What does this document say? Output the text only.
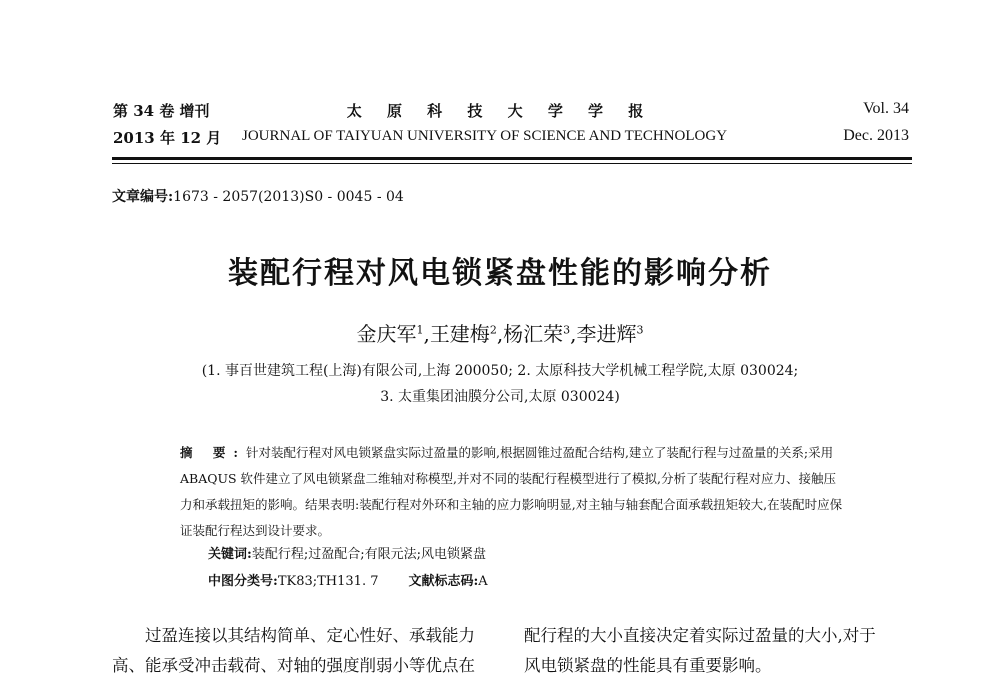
第 34 卷 增刊
2013 年 12 月
太 原 科 技 大 学 学 报
JOURNAL OF TAIYUAN UNIVERSITY OF SCIENCE AND TECHNOLOGY
Vol. 34
Dec. 2013
文章编号:1673 - 2057(2013)S0 - 0045 - 04
装配行程对风电锁紧盘性能的影响分析
金庆军$^1$,王建梅$^2$,杨汇荣$^3$,李进辉$^3$
(1. 事百世建筑工程(上海)有限公司,上海 200050; 2. 太原科技大学机械工程学院,太原 030024;
3. 太重集团油膜分公司,太原 030024)
摘 要:针对装配行程对风电锁紧盘实际过盈量的影响,根据圆锥过盈配合结构,建立了装配行程与过盈量的关系;采用 ABAQUS 软件建立了风电锁紧盘二维轴对称模型,并对不同的装配行程模型进行了模拟,分析了装配行程对应力、接触压力和承载扭矩的影响。结果表明:装配行程对外环和主轴的应力影响明显,对主轴与轴套配合面承载扭矩较大,在装配时应保证装配行程达到设计要求。
关键词:装配行程;过盈配合;有限元法;风电锁紧盘
中图分类号:TK83;TH131. 7 文献标志码:A
过盈连接以其结构简单、定心性好、承载能力
高、能承受冲击载荷、对轴的强度削弱小等优点在
配行程的大小直接决定着实际过盈量的大小,对于
风电锁紧盘的性能具有重要影响。
